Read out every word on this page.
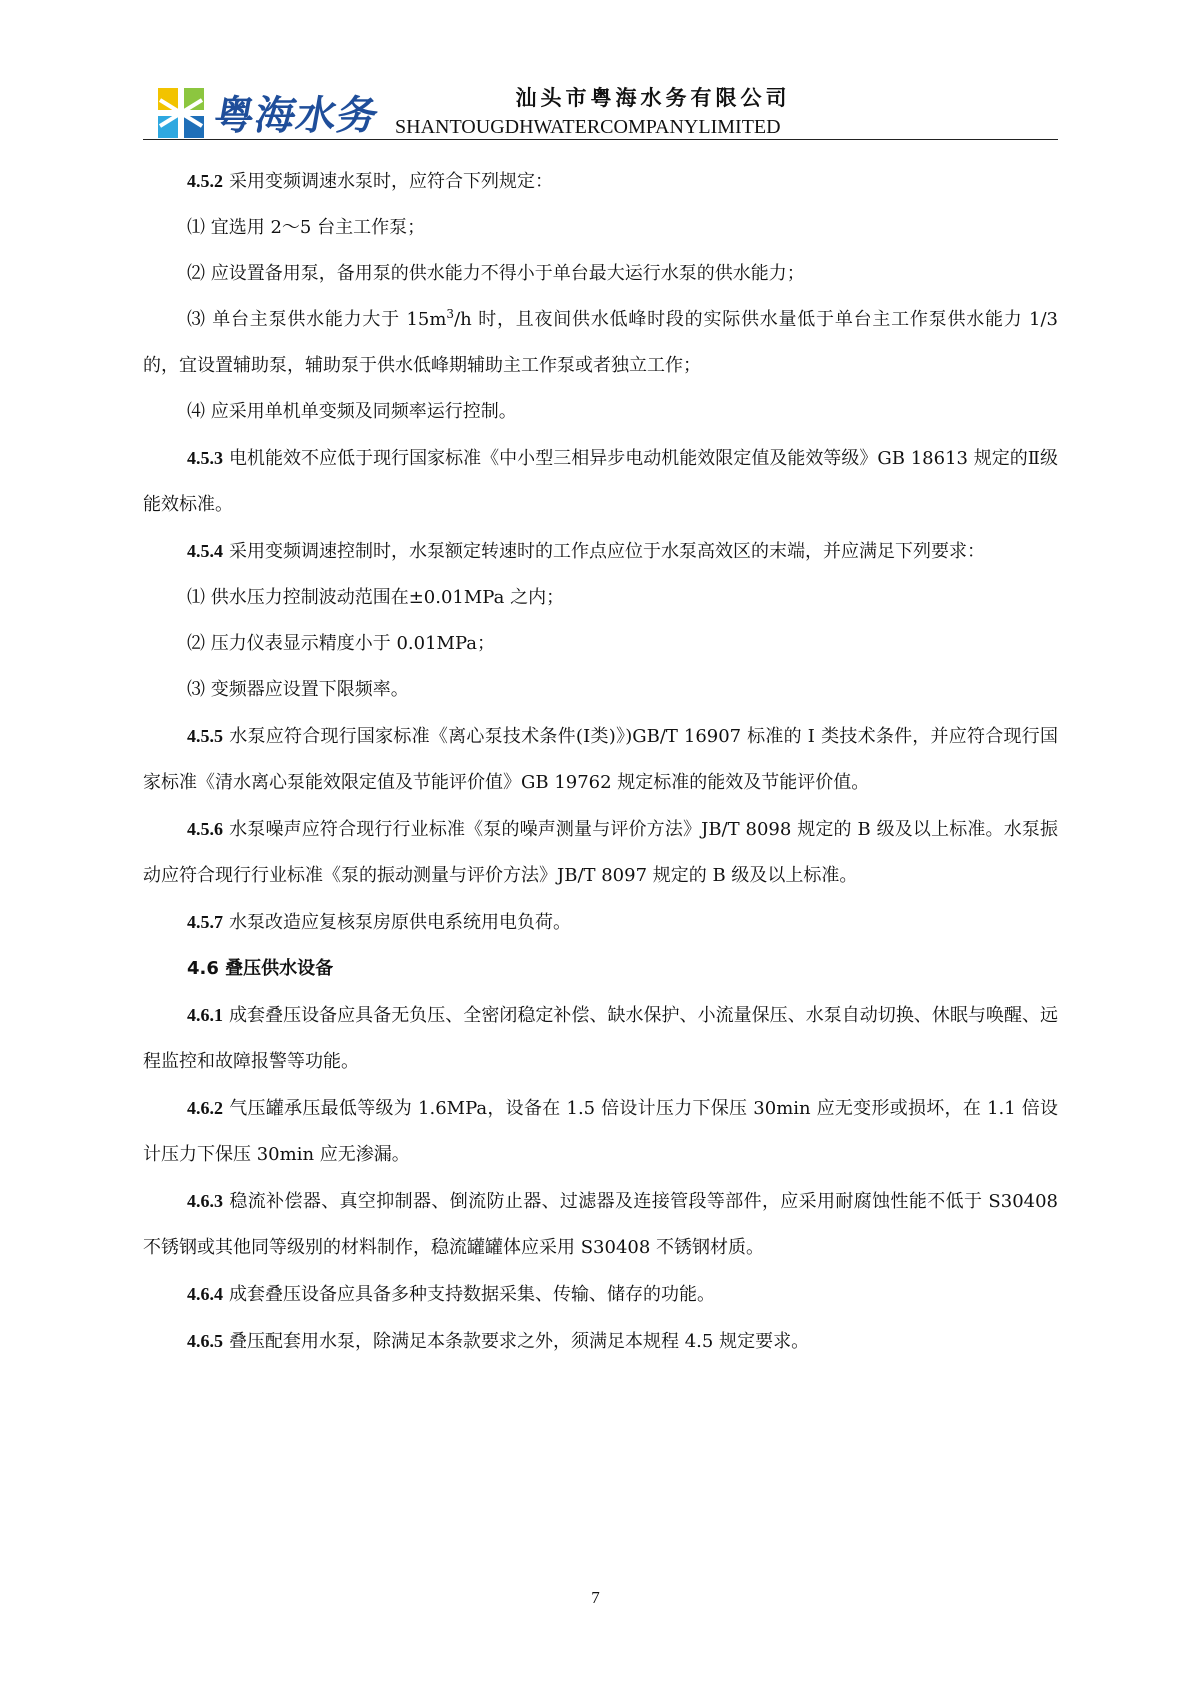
粤海水务	汕头市粤海水务有限公司
SHANTOUGDHWATERCOMPANYLIMITED

4.5.2 采用变频调速水泵时，应符合下列规定：

⑴ 宜选用 2～5 台主工作泵；

⑵ 应设置备用泵，备用泵的供水能力不得小于单台最大运行水泵的供水能力；

⑶ 单台主泵供水能力大于 $15m^3/h$ 时，且夜间供水低峰时段的实际供水量低于单台主工作泵供水能力 1/3 的，宜设置辅助泵，辅助泵于供水低峰期辅助主工作泵或者独立工作；

⑷ 应采用单机单变频及同频率运行控制。

4.5.3 电机能效不应低于现行国家标准《中小型三相异步电动机能效限定值及能效等级》GB 18613 规定的Ⅱ级能效标准。

4.5.4 采用变频调速控制时，水泵额定转速时的工作点应位于水泵高效区的末端，并应满足下列要求：

⑴ 供水压力控制波动范围在±0.01MPa 之内；

⑵ 压力仪表显示精度小于 0.01MPa；

⑶ 变频器应设置下限频率。

4.5.5 水泵应符合现行国家标准《离心泵技术条件(Ⅰ类)》)GB/T 16907 标准的 Ⅰ 类技术条件，并应符合现行国家标准《清水离心泵能效限定值及节能评价值》GB 19762 规定标准的能效及节能评价值。

4.5.6 水泵噪声应符合现行行业标准《泵的噪声测量与评价方法》JB/T 8098 规定的 B 级及以上标准。水泵振动应符合现行行业标准《泵的振动测量与评价方法》JB/T 8097 规定的 B 级及以上标准。

4.5.7 水泵改造应复核泵房原供电系统用电负荷。

4.6 叠压供水设备

4.6.1 成套叠压设备应具备无负压、全密闭稳定补偿、缺水保护、小流量保压、水泵自动切换、休眠与唤醒、远程监控和故障报警等功能。

4.6.2 气压罐承压最低等级为 1.6MPa，设备在 1.5 倍设计压力下保压 30min 应无变形或损坏，在 1.1 倍设计压力下保压 30min 应无渗漏。

4.6.3 稳流补偿器、真空抑制器、倒流防止器、过滤器及连接管段等部件，应采用耐腐蚀性能不低于 S30408 不锈钢或其他同等级别的材料制作，稳流罐罐体应采用 S30408 不锈钢材质。

4.6.4 成套叠压设备应具备多种支持数据采集、传输、储存的功能。

4.6.5 叠压配套用水泵，除满足本条款要求之外，须满足本规程 4.5 规定要求。

7
